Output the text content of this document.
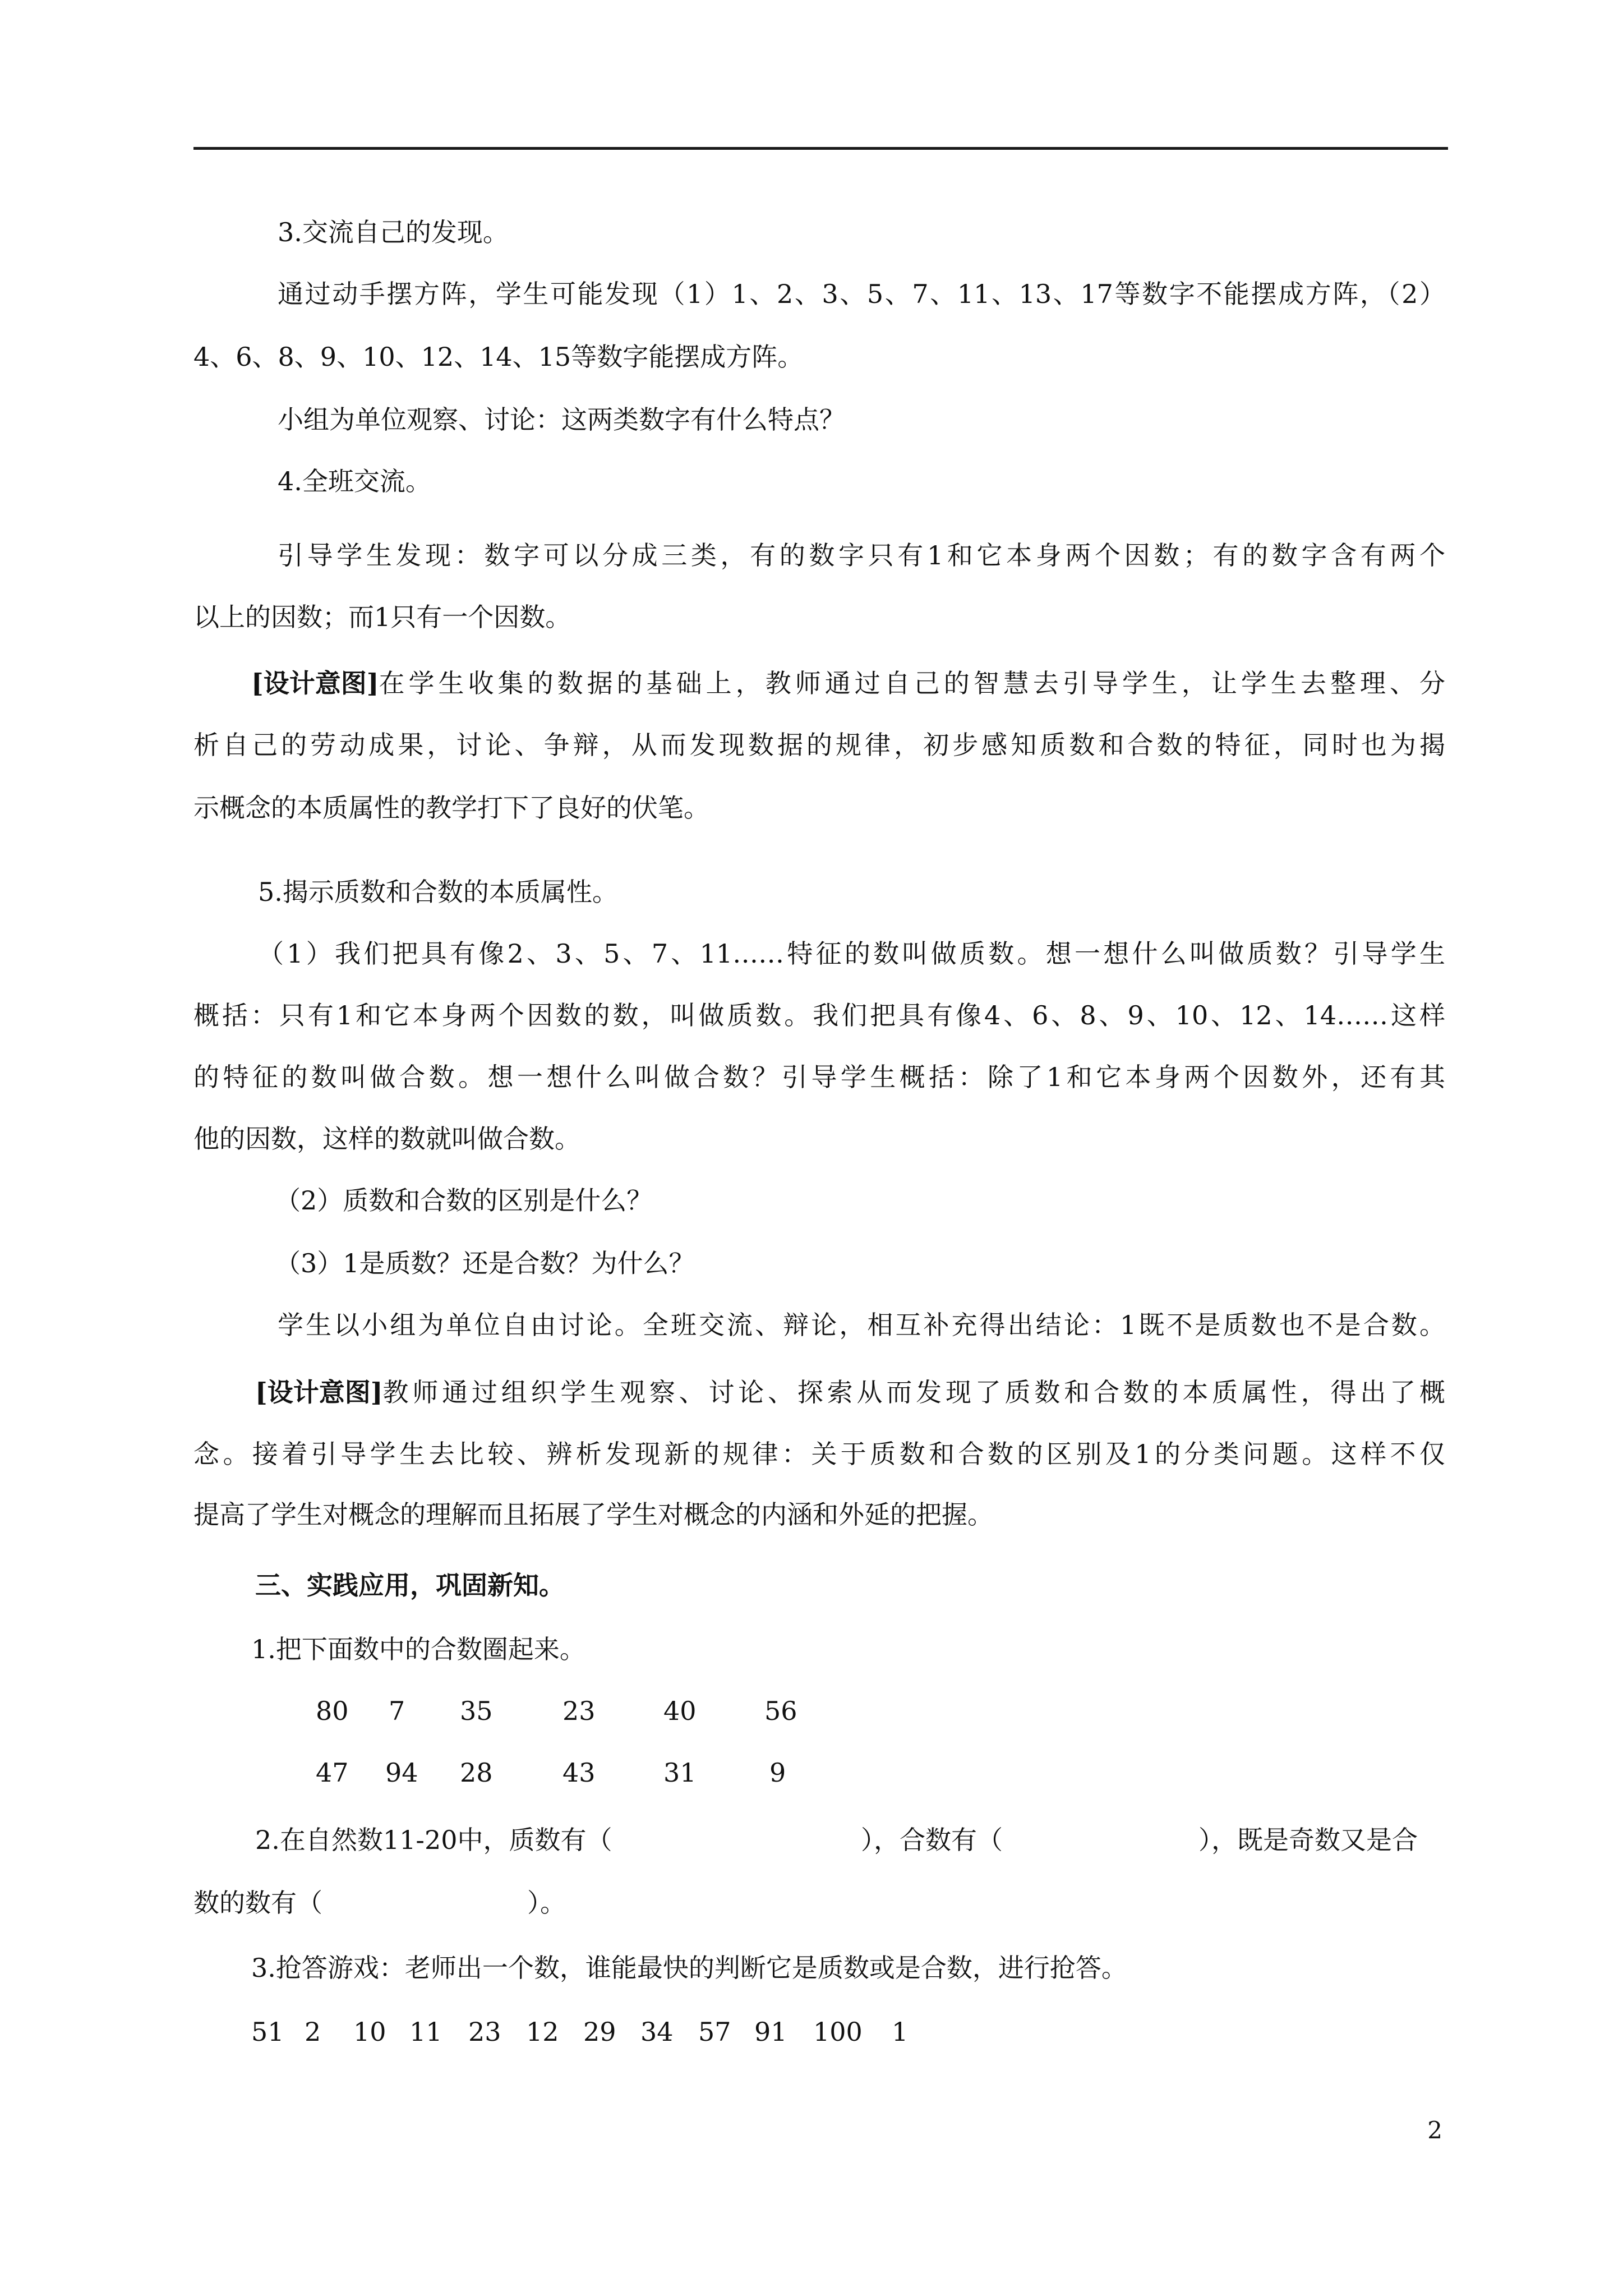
3.交流自己的发现。
通过动手摆方阵，学生可能发现（1）1、2、3、5、7、11、13、17等数字不能摆成方阵，（2）
4、6、8、9、10、12、14、15等数字能摆成方阵。
小组为单位观察、讨论：这两类数字有什么特点？
4.全班交流。
引导学生发现：数字可以分成三类，有的数字只有1和它本身两个因数；有的数字含有两个
以上的因数；而1只有一个因数。
[设计意图] 在学生收集的数据的基础上，教师通过自己的智慧去引导学生，让学生去整理、分
析自己的劳动成果，讨论、争辩，从而发现数据的规律，初步感知质数和合数的特征，同时也为揭
示概念的本质属性的教学打下了良好的伏笔。
5.揭示质数和合数的本质属性。
（1）我们把具有像2、3、5、7、11……特征的数叫做质数。想一想什么叫做质数？引导学生
概括：只有1和它本身两个因数的数，叫做质数。我们把具有像4、6、8、9、10、12、14……这样
的特征的数叫做合数。想一想什么叫做合数？引导学生概括：除了1和它本身两个因数外，还有其
他的因数，这样的数就叫做合数。
（2）质数和合数的区别是什么？
（3）1是质数？还是合数？为什么？
学生以小组为单位自由讨论。全班交流、辩论，相互补充得出结论：1既不是质数也不是合数。
[设计意图] 教师通过组织学生观察、讨论、探索从而发现了质数和合数的本质属性，得出了概
念。接着引导学生去比较、辨析发现新的规律：关于质数和合数的区别及1的分类问题。这样不仅
提高了学生对概念的理解而且拓展了学生对概念的内涵和外延的把握。
三、实践应用，巩固新知。
1.把下面数中的合数圈起来。
80 7 35	23	40	56
47 94 28	43	31	9
2.在自然数11-20中，质数有（	），合数有（	），既是奇数又是合
数的数有（	）。
3.抢答游戏：老师出一个数，谁能最快的判断它是质数或是合数，进行抢答。
51 2 10 11 23 12 29 34 57 91 100 1
2
